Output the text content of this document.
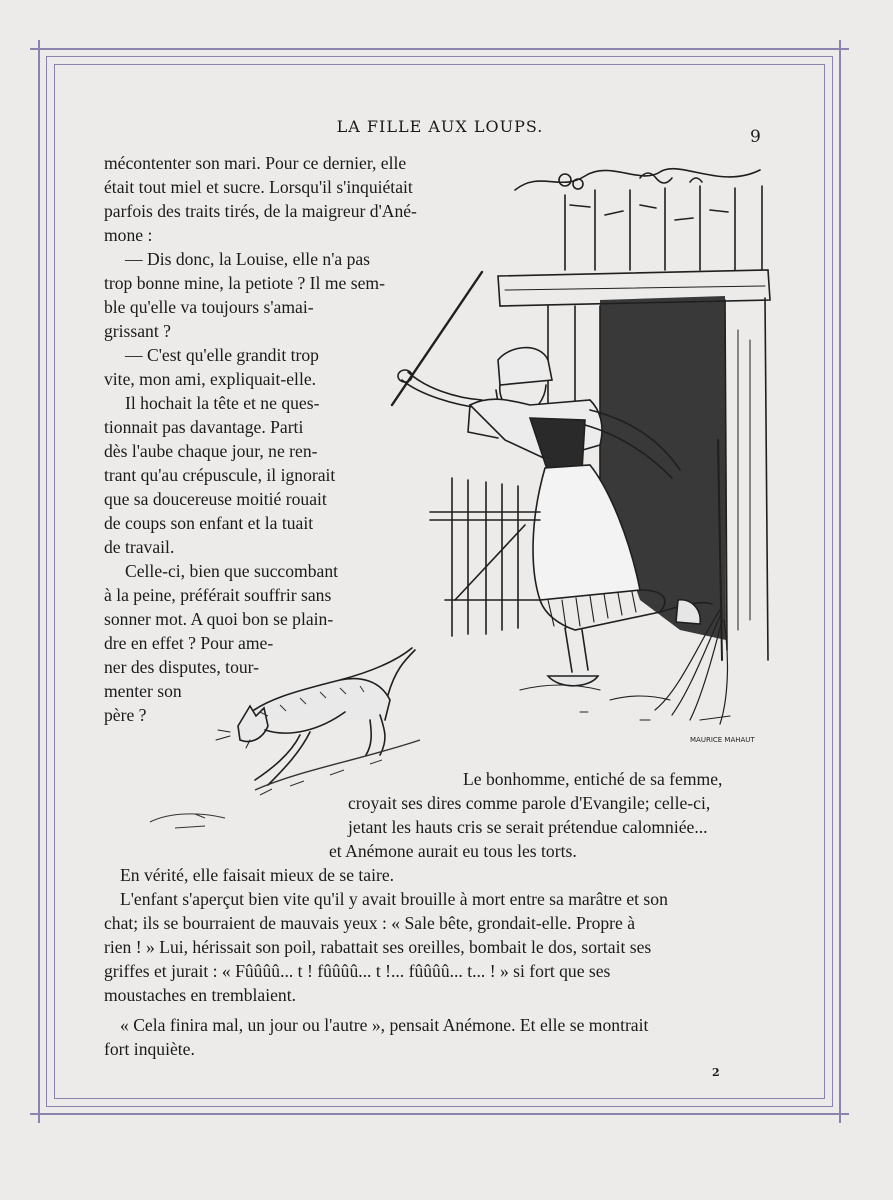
LA FILLE AUX LOUPS.
9
MAURICE MAHAUT
mécontenter son mari. Pour ce dernier, elle
était tout miel et sucre. Lorsqu'il s'inquiétait
parfois des traits tirés, de la maigreur d'Ané-
mone :
— Dis donc, la Louise, elle n'a pas
trop bonne mine, la petiote ? Il me sem-
ble qu'elle va toujours s'amai-
grissant ?
— C'est qu'elle grandit trop
vite, mon ami, expliquait-elle.
Il hochait la tête et ne ques-
tionnait pas davantage. Parti
dès l'aube chaque jour, ne ren-
trant qu'au crépuscule, il ignorait
que sa doucereuse moitié rouait
de coups son enfant et la tuait
de travail.
Celle-ci, bien que succombant
à la peine, préférait souffrir sans
sonner mot. A quoi bon se plain-
dre en effet ? Pour ame-
ner des disputes, tour-
menter son
père ?
Le bonhomme, entiché de sa femme,
croyait ses dires comme parole d'Evangile; celle-ci,
jetant les hauts cris se serait prétendue calomniée...
et Anémone aurait eu tous les torts.
En vérité, elle faisait mieux de se taire.
L'enfant s'aperçut bien vite qu'il y avait brouille à mort entre sa marâtre et son
chat; ils se bourraient de mauvais yeux : « Sale bête, grondait-elle. Propre à
rien ! » Lui, hérissait son poil, rabattait ses oreilles, bombait le dos, sortait ses
griffes et jurait : « Fûûûû... t ! fûûûû... t !... fûûûû... t... ! » si fort que ses
moustaches en tremblaient.
« Cela finira mal, un jour ou l'autre », pensait Anémone. Et elle se montrait
fort inquiète.
2
